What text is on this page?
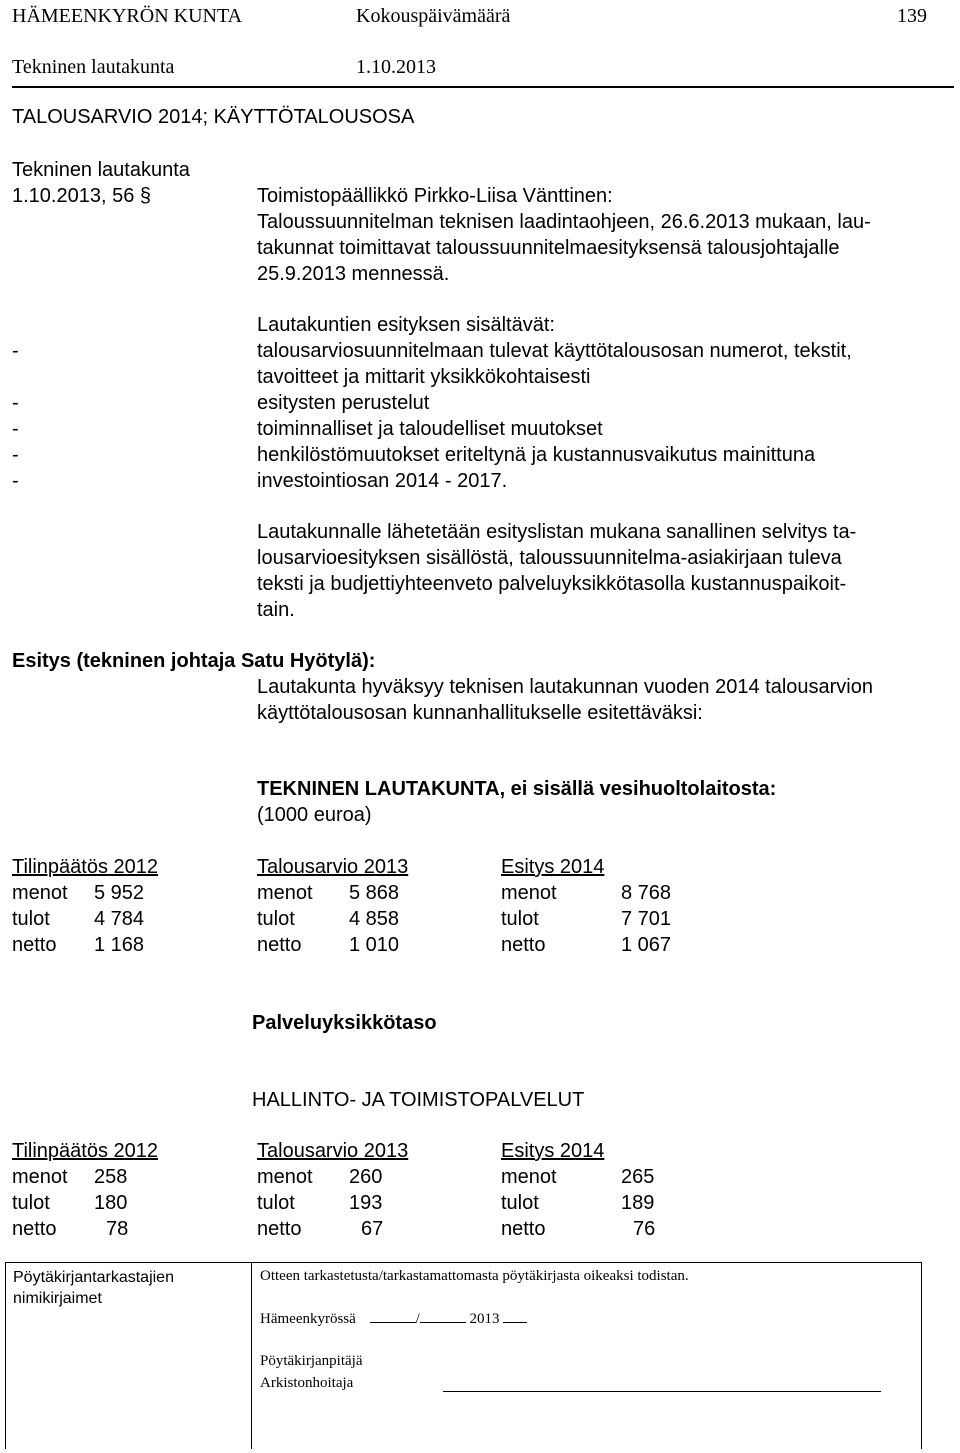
HÄMEENKYRÖN KUNTA	Kokouspäivämäärä	139
Tekninen lautakunta	1.10.2013
TALOUSARVIO 2014; KÄYTTÖTALOUSOSA
Tekninen lautakunta
1.10.2013, 56 §	Toimistopäällikkö Pirkko-Liisa Vänttinen:
Taloussuunnitelman teknisen laadintaohjeen, 26.6.2013 mukaan, lau-
takunnat toimittavat taloussuunnitelmaesityksensä talousjohtajalle
25.9.2013 mennessä.
Lautakuntien esityksen sisältävät:
-	talousarviosuunnitelmaan tulevat käyttötalousosan numerot, tekstit,
tavoitteet ja mittarit yksikkökohtaisesti
-	esitysten perustelut
-	toiminnalliset ja taloudelliset muutokset
-	henkilöstömuutokset eriteltynä ja kustannusvaikutus mainittuna
-	investointiosan 2014 - 2017.
Lautakunnalle lähetetään esityslistan mukana sanallinen selvitys ta-
lousarvioesityksen sisällöstä, taloussuunnitelma-asiakirjaan tuleva
teksti ja budjettiyhteenveto palveluyksikkötasolla kustannuspaikoit-
tain.
Esitys (tekninen johtaja Satu Hyötylä):
Lautakunta hyväksyy teknisen lautakunnan vuoden 2014 talousarvion
käyttötalousosan kunnanhallitukselle esitettäväksi:
TEKNINEN LAUTAKUNTA, ei sisällä vesihuoltolaitosta:
(1000 euroa)
Tilinpäätös 2012	Talousarvio 2013	Esitys 2014
menot 5 952	menot 5 868	menot	8 768
tulot 4 784	tulot	4 858	tulot	7 701
netto 1 168	netto 1 010	netto	1 067
Palveluyksikkötaso
HALLINTO- JA TOIMISTOPALVELUT
Tilinpäätös 2012	Talousarvio 2013	Esitys 2014
menot 258	menot 260	menot	265
tulot 180	tulot	193	tulot	189
netto 78	netto	67	netto	76
Pöytäkirjantarkastajien
nimikirjaimet
Otteen tarkastetusta/tarkastamattomasta pöytäkirjasta oikeaksi todistan.
Hämeenkyrössä	/	2013
Pöytäkirjanpitäjä
Arkistonhoitaja
